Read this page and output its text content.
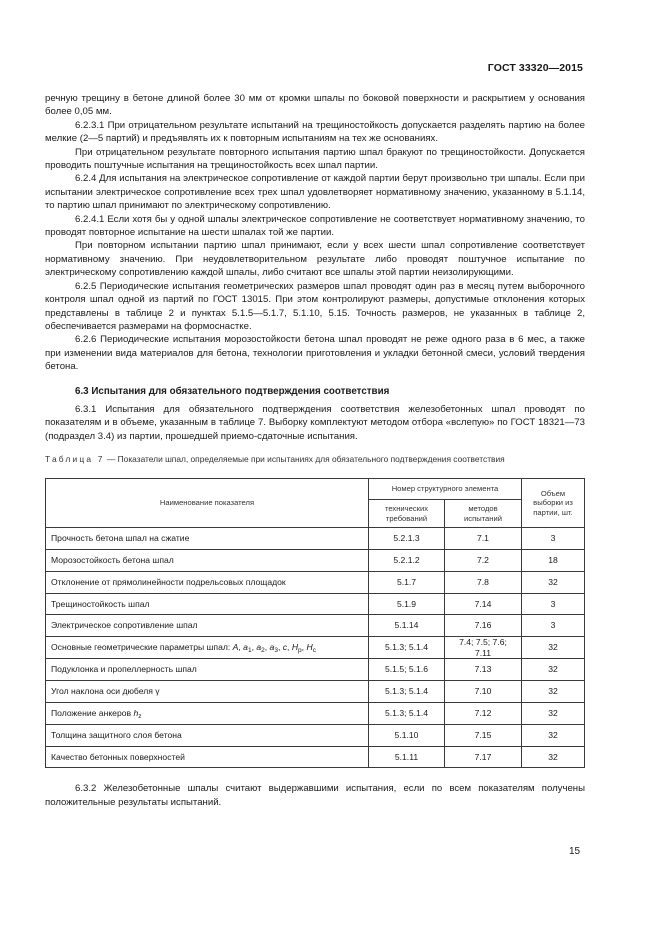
ГОСТ 33320—2015

речную трещину в бетоне длиной более 30 мм от кромки шпалы по боковой поверхности и раскрытием у основания более 0,05 мм.

6.2.3.1 При отрицательном результате испытаний на трещиностойкость допускается разделять партию на более мелкие (2—5 партий) и предъявлять их к повторным испытаниям на тех же основаниях.

При отрицательном результате повторного испытания партию шпал бракуют по трещиностойкости. Допускается проводить поштучные испытания на трещиностойкость всех шпал партии.

6.2.4 Для испытания на электрическое сопротивление от каждой партии берут произвольно три шпалы. Если при испытании электрическое сопротивление всех трех шпал удовлетворяет нормативному значению, указанному в 5.1.14, то партию шпал принимают по электрическому сопротивлению.

6.2.4.1 Если хотя бы у одной шпалы электрическое сопротивление не соответствует нормативному значению, то проводят повторное испытание на шести шпалах той же партии.

При повторном испытании партию шпал принимают, если у всех шести шпал сопротивление соответствует нормативному значению. При неудовлетворительном результате либо проводят поштучное испытание по электрическому сопротивлению каждой шпалы, либо считают все шпалы этой партии неизолирующими.

6.2.5 Периодические испытания геометрических размеров шпал проводят один раз в месяц путем выборочного контроля шпал одной из партий по ГОСТ 13015. При этом контролируют размеры, допустимые отклонения которых представлены в таблице 2 и пунктах 5.1.5—5.1.7, 5.1.10, 5.15. Точность размеров, не указанных в таблице 2, обеспечивается размерами на формоснастке.

6.2.6 Периодические испытания морозостойкости бетона шпал проводят не реже одного раза в 6 мес, а также при изменении вида материалов для бетона, технологии приготовления и укладки бетонной смеси, условий твердения бетона.

6.3 Испытания для обязательного подтверждения соответствия

6.3.1 Испытания для обязательного подтверждения соответствия железобетонных шпал проводят по показателям и в объеме, указанным в таблице 7. Выборку комплектуют методом отбора «вслепую» по ГОСТ 18321—73 (подраздел 3.4) из партии, прошедшей приемо-сдаточные испытания.

Таблица 7 — Показатели шпал, определяемые при испытаниях для обязательного подтверждения соответствия
Наименование показателя	Номер структурного элемента		Объем выборки из партии, шт.
	технических требований	методов испытаний	
Прочность бетона шпал на сжатие	5.2.1.3	7.1	3
Морозостойкость бетона шпал	5.2.1.2	7.2	18
Отклонение от прямолинейности подрельсовых площадок	5.1.7	7.8	32
Трещиностойкость шпал	5.1.9	7.14	3
Электрическое сопротивление шпал	5.1.14	7.16	3
Основные геометрические параметры шпал: A, $a_1$, $a_2$, $a_3$, c, $H_p$, $H_c$	5.1.3; 5.1.4	7.4; 7.5; 7.6; 7.11	32
Подуклонка и пропеллерность шпал	5.1.5; 5.1.6	7.13	32
Угол наклона оси дюбеля γ	5.1.3; 5.1.4	7.10	32
Положение анкеров $h_z$	5.1.3; 5.1.4	7.12	32
Толщина защитного слоя бетона	5.1.10	7.15	32
Качество бетонных поверхностей	5.1.11	7.17	32

6.3.2 Железобетонные шпалы считают выдержавшими испытания, если по всем показателям получены положительные результаты испытаний.

15
